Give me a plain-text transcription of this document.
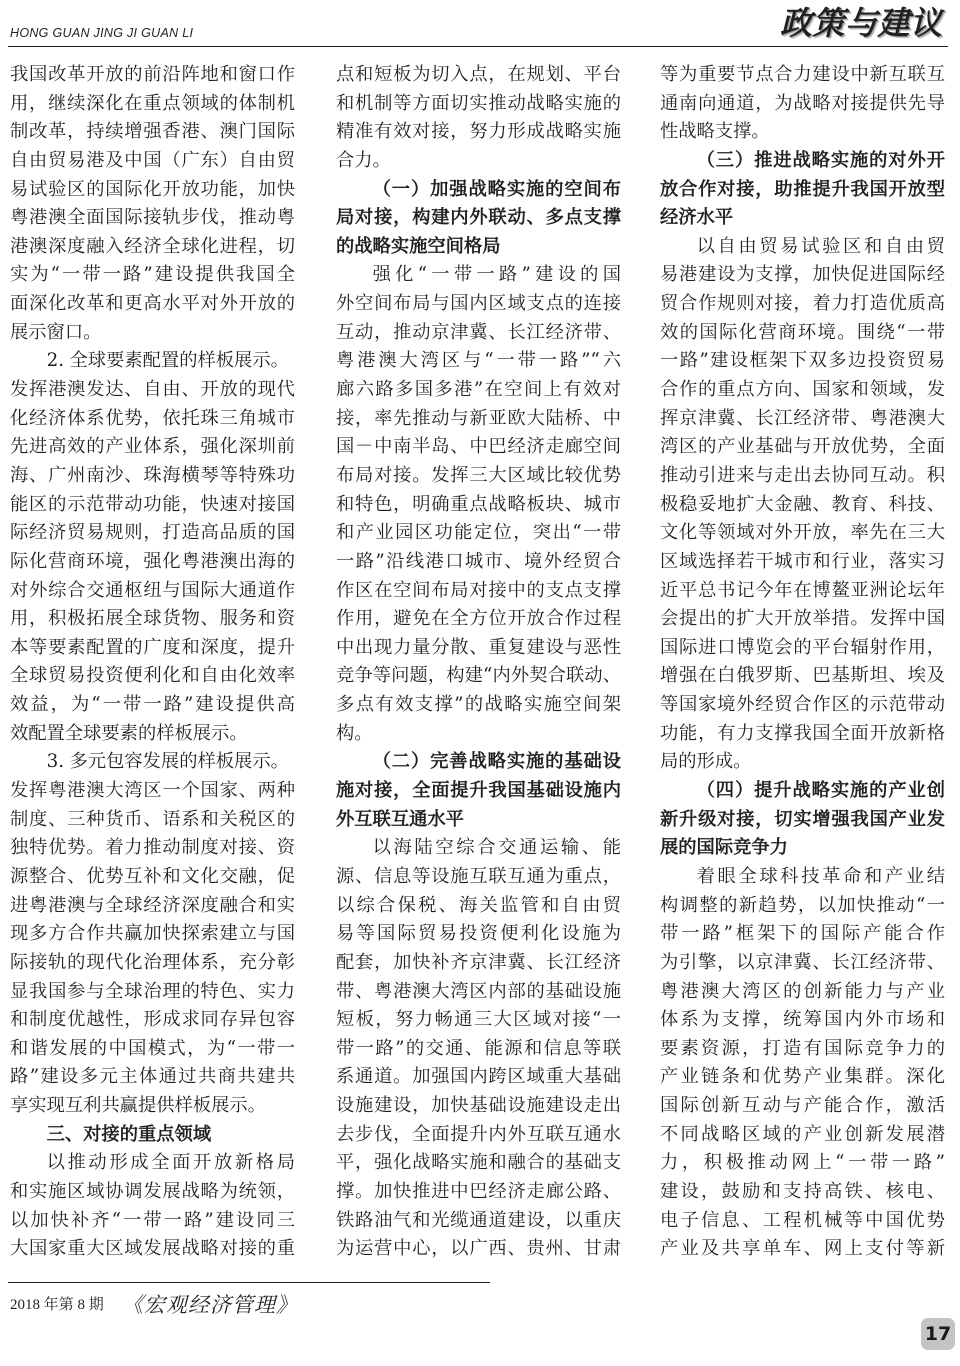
HONG GUAN JING JI GUAN LI	政策与建议
我国改革开放的前沿阵地和窗口作
用，继续深化在重点领域的体制机
制改革，持续增强香港、澳门国际
自由贸易港及中国（广东）自由贸
易试验区的国际化开放功能，加快
粤港澳全面国际接轨步伐，推动粤
港澳深度融入经济全球化进程，切
实为“一带一路”建设提供我国全
面深化改革和更高水平对外开放的
展示窗口。
2. 全球要素配置的样板展示。
发挥港澳发达、自由、开放的现代
化经济体系优势，依托珠三角城市
先进高效的产业体系，强化深圳前
海、广州南沙、珠海横琴等特殊功
能区的示范带动功能，快速对接国
际经济贸易规则，打造高品质的国
际化营商环境，强化粤港澳出海的
对外综合交通枢纽与国际大通道作
用，积极拓展全球货物、服务和资
本等要素配置的广度和深度，提升
全球贸易投资便利化和自由化效率
效益，为“一带一路”建设提供高
效配置全球要素的样板展示。
3. 多元包容发展的样板展示。
发挥粤港澳大湾区一个国家、两种
制度、三种货币、语系和关税区的
独特优势。着力推动制度对接、资
源整合、优势互补和文化交融，促
进粤港澳与全球经济深度融合和实
现多方合作共赢加快探索建立与国
际接轨的现代化治理体系，充分彰
显我国参与全球治理的特色、实力
和制度优越性，形成求同存异包容
和谐发展的中国模式，为“一带一
路”建设多元主体通过共商共建共
享实现互利共赢提供样板展示。
三、对接的重点领域
以推动形成全面开放新格局
和实施区域协调发展战略为统领，
以加快补齐“一带一路”建设同三
大国家重大区域发展战略对接的重
点和短板为切入点，在规划、平台
和机制等方面切实推动战略实施的
精准有效对接，努力形成战略实施
合力。
（一）加强战略实施的空间布
局对接，构建内外联动、多点支撑
的战略实施空间格局
强化“一带一路”建设的国
外空间布局与国内区域支点的连接
互动，推动京津冀、长江经济带、
粤港澳大湾区与“一带一路”“六
廊六路多国多港”在空间上有效对
接，率先推动与新亚欧大陆桥、中
国－中南半岛、中巴经济走廊空间
布局对接。发挥三大区域比较优势
和特色，明确重点战略板块、城市
和产业园区功能定位，突出“一带
一路”沿线港口城市、境外经贸合
作区在空间布局对接中的支点支撑
作用，避免在全方位开放合作过程
中出现力量分散、重复建设与恶性
竞争等问题，构建“内外契合联动、
多点有效支撑”的战略实施空间架
构。
（二）完善战略实施的基础设
施对接，全面提升我国基础设施内
外互联互通水平
以海陆空综合交通运输、能
源、信息等设施互联互通为重点，
以综合保税、海关监管和自由贸
易等国际贸易投资便利化设施为
配套，加快补齐京津冀、长江经济
带、粤港澳大湾区内部的基础设施
短板，努力畅通三大区域对接“一
带一路”的交通、能源和信息等联
系通道。加强国内跨区域重大基础
设施建设，加快基础设施建设走出
去步伐，全面提升内外互联互通水
平，强化战略实施和融合的基础支
撑。加快推进中巴经济走廊公路、
铁路油气和光缆通道建设，以重庆
为运营中心，以广西、贵州、甘肃
等为重要节点合力建设中新互联互
通南向通道，为战略对接提供先导
性战略支撑。
（三）推进战略实施的对外开
放合作对接，助推提升我国开放型
经济水平
以自由贸易试验区和自由贸
易港建设为支撑，加快促进国际经
贸合作规则对接，着力打造优质高
效的国际化营商环境。围绕“一带
一路”建设框架下双多边投资贸易
合作的重点方向、国家和领域，发
挥京津冀、长江经济带、粤港澳大
湾区的产业基础与开放优势，全面
推动引进来与走出去协同互动。积
极稳妥地扩大金融、教育、科技、
文化等领域对外开放，率先在三大
区域选择若干城市和行业，落实习
近平总书记今年在博鳌亚洲论坛年
会提出的扩大开放举措。发挥中国
国际进口博览会的平台辐射作用，
增强在白俄罗斯、巴基斯坦、埃及
等国家境外经贸合作区的示范带动
功能，有力支撑我国全面开放新格
局的形成。
（四）提升战略实施的产业创
新升级对接，切实增强我国产业发
展的国际竞争力
着眼全球科技革命和产业结
构调整的新趋势，以加快推动“一
带一路”框架下的国际产能合作
为引擎，以京津冀、长江经济带、
粤港澳大湾区的创新能力与产业
体系为支撑，统筹国内外市场和
要素资源，打造有国际竞争力的
产业链条和优势产业集群。深化
国际创新互动与产能合作，激活
不同战略区域的产业创新发展潜
力，积极推动网上“一带一路”
建设，鼓励和支持高铁、核电、
电子信息、工程机械等中国优势
产业及共享单车、网上支付等新
2018 年第 8 期 《宏观经济管理》
17
